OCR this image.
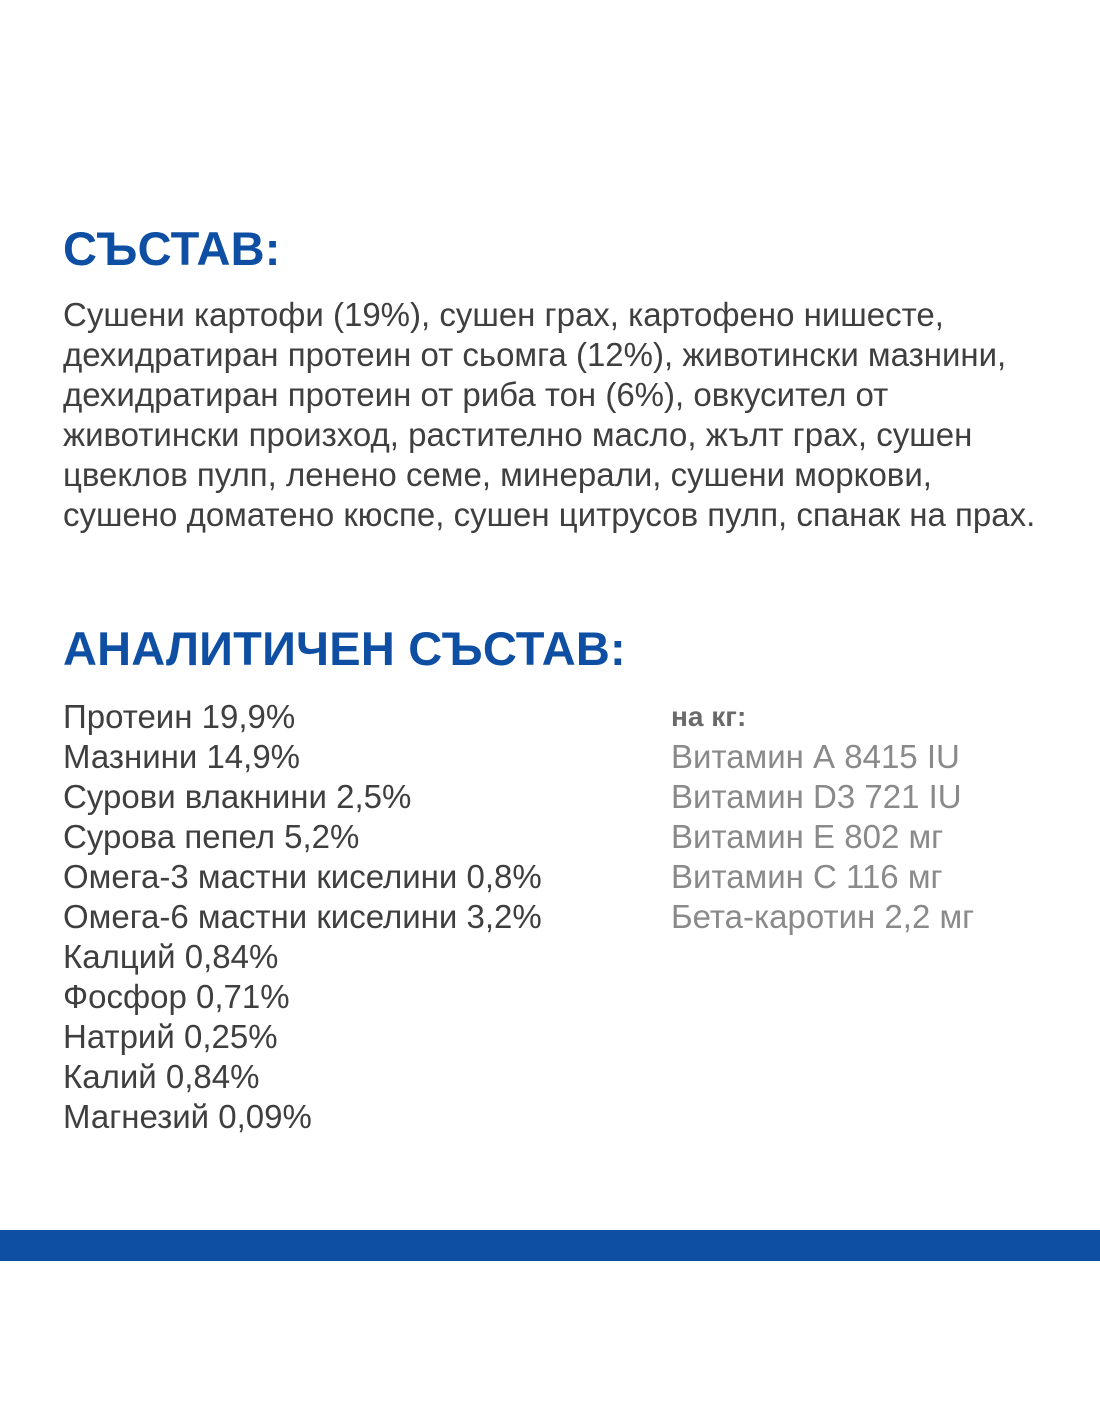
СЪСТАВ:

Сушени картофи (19%), сушен грах, картофено нишесте, дехидратиран протеин от сьомга (12%), животински мазнини, дехидратиран протеин от риба тон (6%), овкусител от животински произход, растително масло, жълт грах, сушен цвеклов пулп, ленено семе, минерали, сушени моркови, сушено доматено кюспе, сушен цитрусов пулп, спанак на прах.

АНАЛИТИЧЕН СЪСТАВ:
Протеин 19,9%
Мазнини 14,9%
Сурови влакнини 2,5%
Сурова пепел 5,2%
Омега-3 мастни киселини 0,8%
Омега-6 мастни киселини 3,2%
Калций 0,84%
Фосфор 0,71%
Натрий 0,25%
Калий 0,84%
Магнезий 0,09%
на кг:
Витамин А 8415 IU
Витамин D3 721 IU
Витамин Е 802 мг
Витамин С 116 мг
Бета-каротин 2,2 мг
